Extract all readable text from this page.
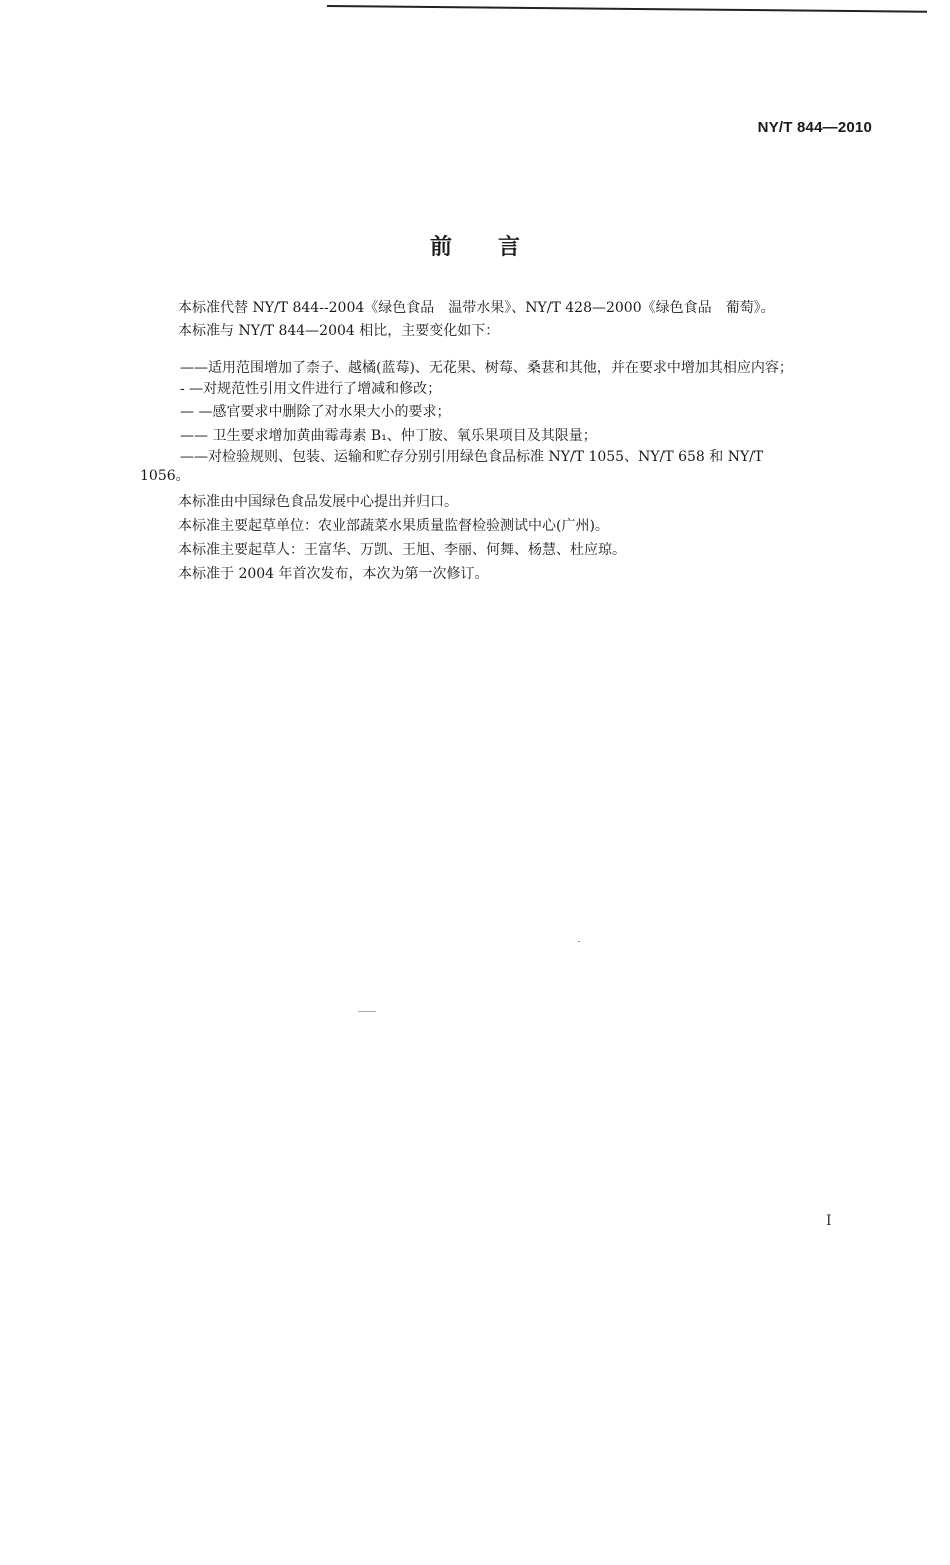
NY/T 844—2010
前言
本标准代替 NY/T 844--2004《绿色食品　温带水果》、NY/T 428—2000《绿色食品　葡萄》。
本标准与 NY/T 844—2004 相比，主要变化如下：
——适用范围增加了柰子、越橘(蓝莓)、无花果、树莓、桑葚和其他，并在要求中增加其相应内容；
- —对规范性引用文件进行了增减和修改；
— —感官要求中删除了对水果大小的要求；
—— 卫生要求增加黄曲霉毒素 B₁、仲丁胺、氧乐果项目及其限量；
——对检验规则、包装、运输和贮存分别引用绿色食品标准 NY/T 1055、NY/T 658 和 NY/T
1056。
本标准由中国绿色食品发展中心提出并归口。
本标准主要起草单位：农业部蔬菜水果质量监督检验测试中心(广州)。
本标准主要起草人：王富华、万凯、王旭、李丽、何舞、杨慧、杜应琼。
本标准于 2004 年首次发布，本次为第一次修订。
I
